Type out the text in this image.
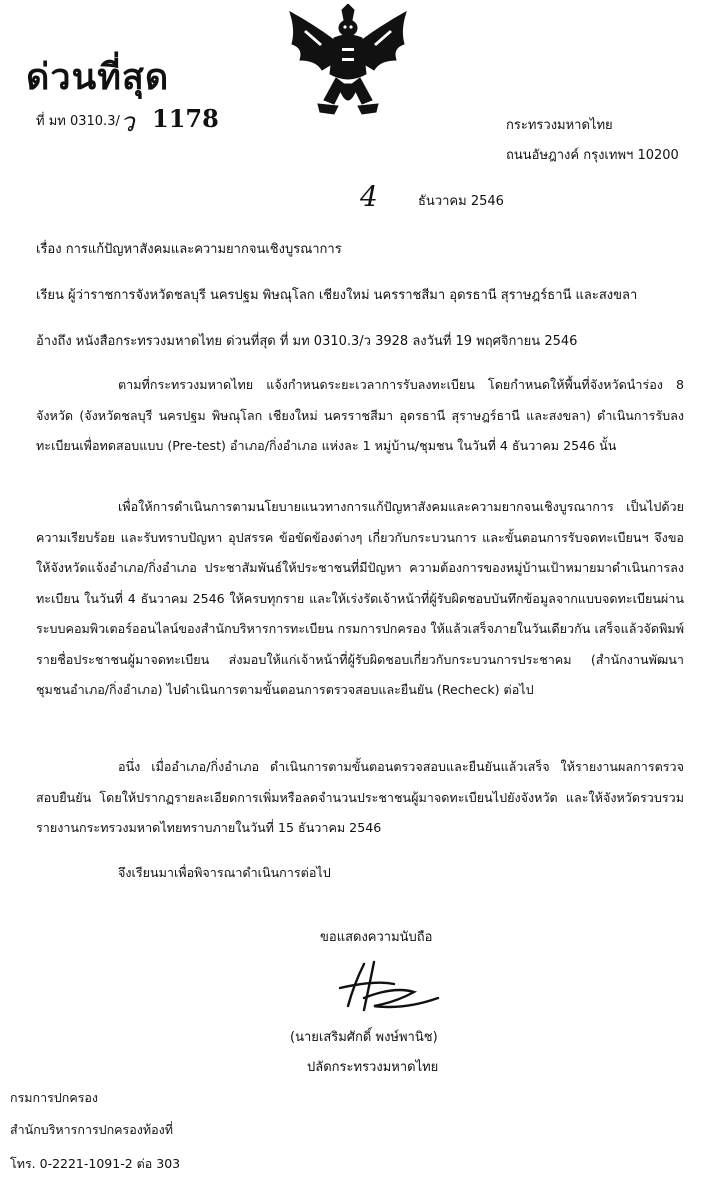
ด่วนที่สุด
ที่ มท 0310.3/ ว 1178	กระทรวงมหาดไทย
ถนนอัษฎางค์ กรุงเทพฯ 10200
4	ธันวาคม 2546
เรื่อง การแก้ปัญหาสังคมและความยากจนเชิงบูรณาการ
เรียน ผู้ว่าราชการจังหวัดชลบุรี นครปฐม พิษณุโลก เชียงใหม่ นครราชสีมา อุดรธานี สุราษฎร์ธานี และสงขลา
อ้างถึง หนังสือกระทรวงมหาดไทย ด่วนที่สุด ที่ มท 0310.3/ว 3928 ลงวันที่ 19 พฤศจิกายน 2546
ตามที่กระทรวงมหาดไทย แจ้งกำหนดระยะเวลาการรับลงทะเบียน โดยกำหนดให้พื้นที่จังหวัดนำร่อง 8 จังหวัด (จังหวัดชลบุรี นครปฐม พิษณุโลก เชียงใหม่ นครราชสีมา อุดรธานี สุราษฎร์ธานี และสงขลา) ดำเนินการรับลงทะเบียนเพื่อทดสอบแบบ (Pre-test) อำเภอ/กิ่งอำเภอ แห่งละ 1 หมู่บ้าน/ชุมชน ในวันที่ 4 ธันวาคม 2546 นั้น
เพื่อให้การดำเนินการตามนโยบายแนวทางการแก้ปัญหาสังคมและความยากจนเชิงบูรณาการ เป็นไปด้วยความเรียบร้อย และรับทราบปัญหา อุปสรรค ข้อขัดข้องต่างๆ เกี่ยวกับกระบวนการ และขั้นตอนการรับจดทะเบียนฯ จึงขอให้จังหวัดแจ้งอำเภอ/กิ่งอำเภอ ประชาสัมพันธ์ให้ประชาชนที่มีปัญหา ความต้องการของหมู่บ้านเป้าหมายมาดำเนินการลงทะเบียน ในวันที่ 4 ธันวาคม 2546 ให้ครบทุกราย และให้เร่งรัดเจ้าหน้าที่ผู้รับผิดชอบบันทึกข้อมูลจากแบบจดทะเบียนผ่านระบบคอมพิวเตอร์ออนไลน์ของสำนักบริหารการทะเบียน กรมการปกครอง ให้แล้วเสร็จภายในวันเดียวกัน เสร็จแล้วจัดพิมพ์รายชื่อประชาชนผู้มาจดทะเบียน ส่งมอบให้แก่เจ้าหน้าที่ผู้รับผิดชอบเกี่ยวกับกระบวนการประชาคม (สำนักงานพัฒนาชุมชนอำเภอ/กิ่งอำเภอ) ไปดำเนินการตามขั้นตอนการตรวจสอบและยืนยัน (Recheck) ต่อไป
อนึ่ง เมื่ออำเภอ/กิ่งอำเภอ ดำเนินการตามขั้นตอนตรวจสอบและยืนยันแล้วเสร็จ ให้รายงานผลการตรวจสอบยืนยัน โดยให้ปรากฏรายละเอียดการเพิ่มหรือลดจำนวนประชาชนผู้มาจดทะเบียนไปยังจังหวัด และให้จังหวัดรวบรวมรายงานกระทรวงมหาดไทยทราบภายในวันที่ 15 ธันวาคม 2546
จึงเรียนมาเพื่อพิจารณาดำเนินการต่อไป
ขอแสดงความนับถือ
(นายเสริมศักดิ์ พงษ์พานิช)
ปลัดกระทรวงมหาดไทย
กรมการปกครอง
สำนักบริหารการปกครองท้องที่
โทร. 0-2221-1091-2 ต่อ 303
